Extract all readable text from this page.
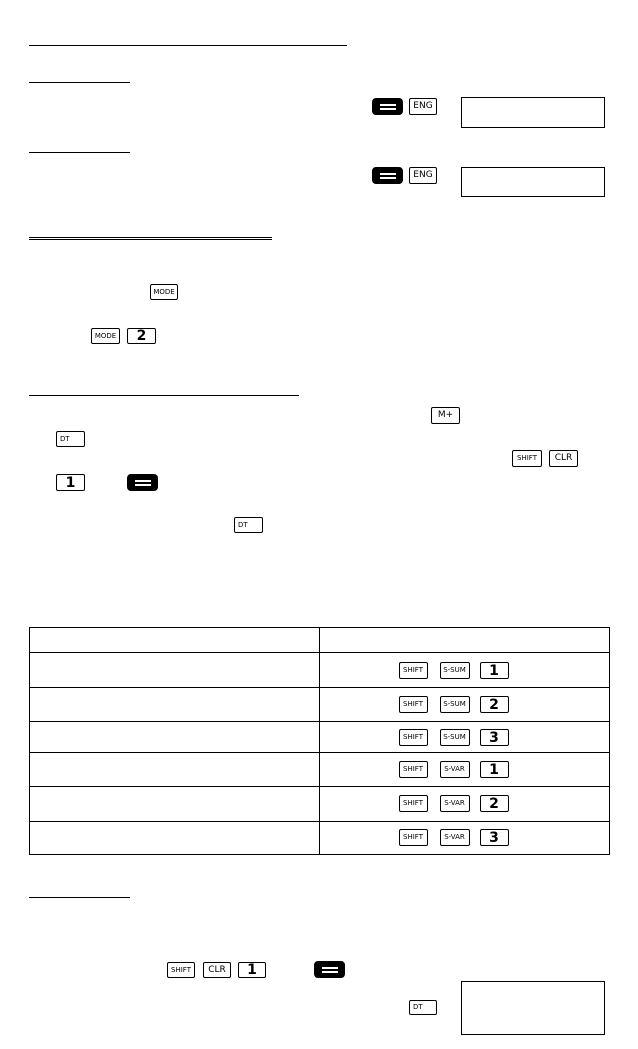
ENG
ENG
MODE
MODE	2
M+
DT
SHIFT	CLR
1
DT

SHIFT S-SUM 1

SHIFT S-SUM 2

SHIFT S-SUM 3

SHIFT S-VAR 1

SHIFT S-VAR 2

SHIFT S-VAR 3
SHIFT	CLR	1
DT
